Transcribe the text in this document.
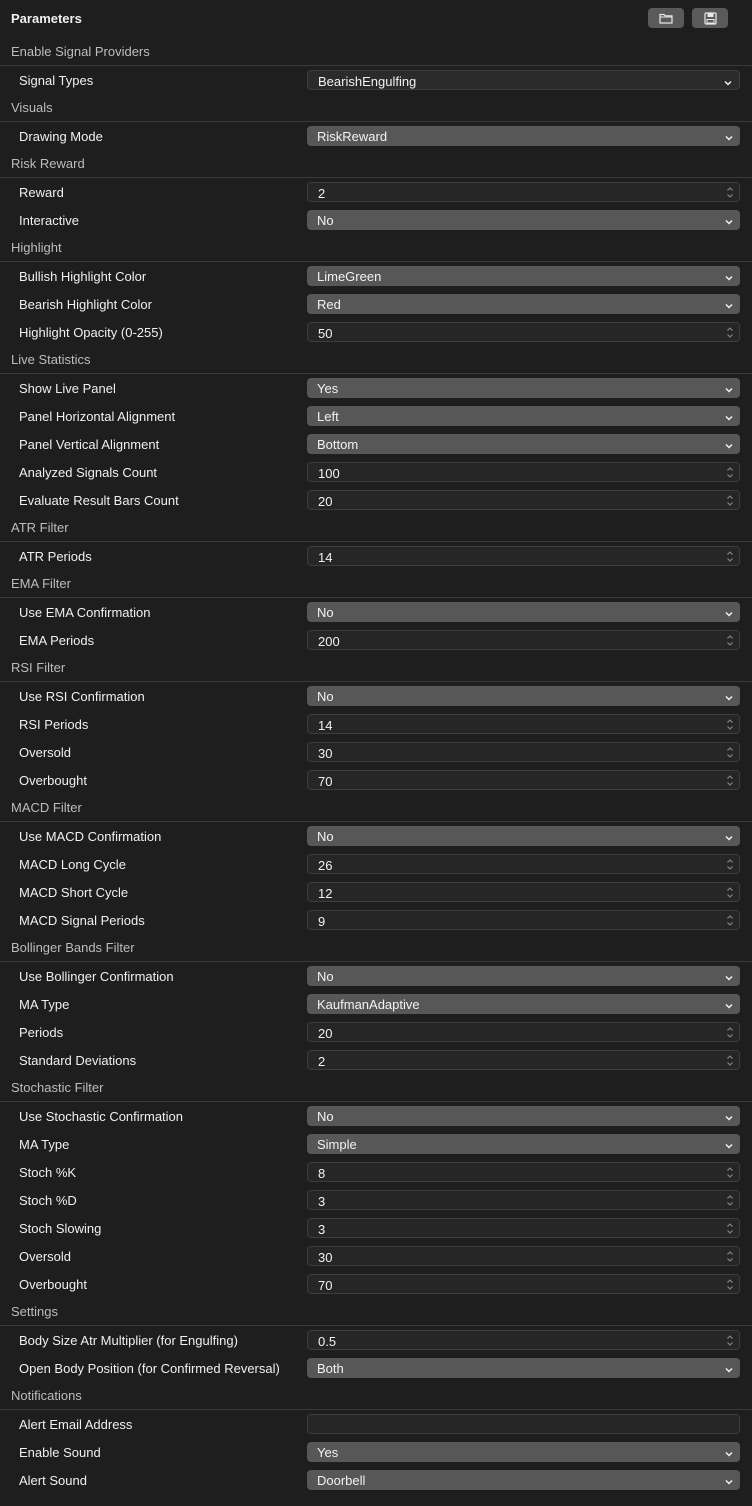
Parameters
Enable Signal Providers
Signal Types	BearishEngulfing
Visuals
Drawing Mode	RiskReward
Risk Reward
Reward	2
Interactive	No
Highlight
Bullish Highlight Color	LimeGreen
Bearish Highlight Color	Red
Highlight Opacity (0-255)	50
Live Statistics
Show Live Panel	Yes
Panel Horizontal Alignment	Left
Panel Vertical Alignment	Bottom
Analyzed Signals Count	100
Evaluate Result Bars Count	20
ATR Filter
ATR Periods	14
EMA Filter
Use EMA Confirmation	No
EMA Periods	200
RSI Filter
Use RSI Confirmation	No
RSI Periods	14
Oversold	30
Overbought	70
MACD Filter
Use MACD Confirmation	No
MACD Long Cycle	26
MACD Short Cycle	12
MACD Signal Periods	9
Bollinger Bands Filter
Use Bollinger Confirmation	No
MA Type	KaufmanAdaptive
Periods	20
Standard Deviations	2
Stochastic Filter
Use Stochastic Confirmation	No
MA Type	Simple
Stoch %K	8
Stoch %D	3
Stoch Slowing	3
Oversold	30
Overbought	70
Settings
Body Size Atr Multiplier (for Engulfing)	0.5
Open Body Position (for Confirmed Reversal)	Both
Notifications
Alert Email Address
Enable Sound	Yes
Alert Sound	Doorbell
